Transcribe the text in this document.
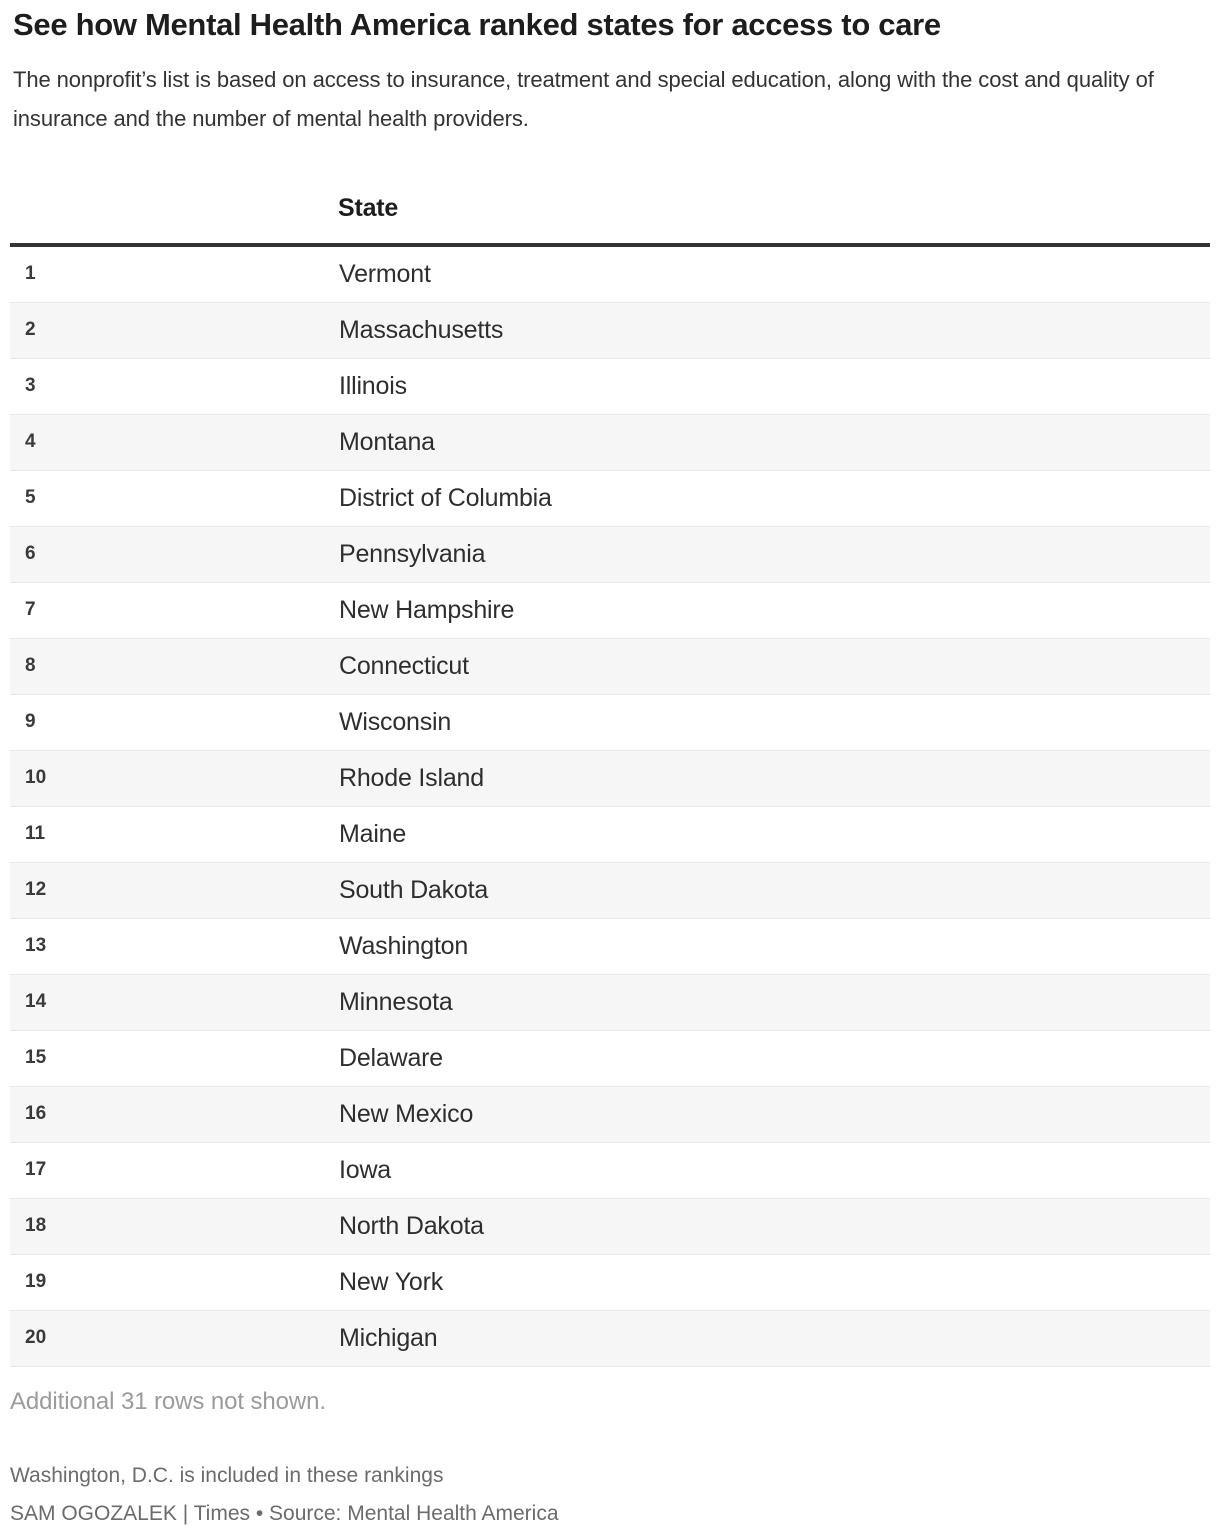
See how Mental Health America ranked states for access to care

The nonprofit’s list is based on access to insurance, treatment and special education, along with the cost and quality of insurance and the number of mental health providers.

	State
1	Vermont
2	Massachusetts
3	Illinois
4	Montana
5	District of Columbia
6	Pennsylvania
7	New Hampshire
8	Connecticut
9	Wisconsin
10	Rhode Island
11	Maine
12	South Dakota
13	Washington
14	Minnesota
15	Delaware
16	New Mexico
17	Iowa
18	North Dakota
19	New York
20	Michigan

Additional 31 rows not shown.

Washington, D.C. is included in these rankings
SAM OGOZALEK | Times • Source: Mental Health America
